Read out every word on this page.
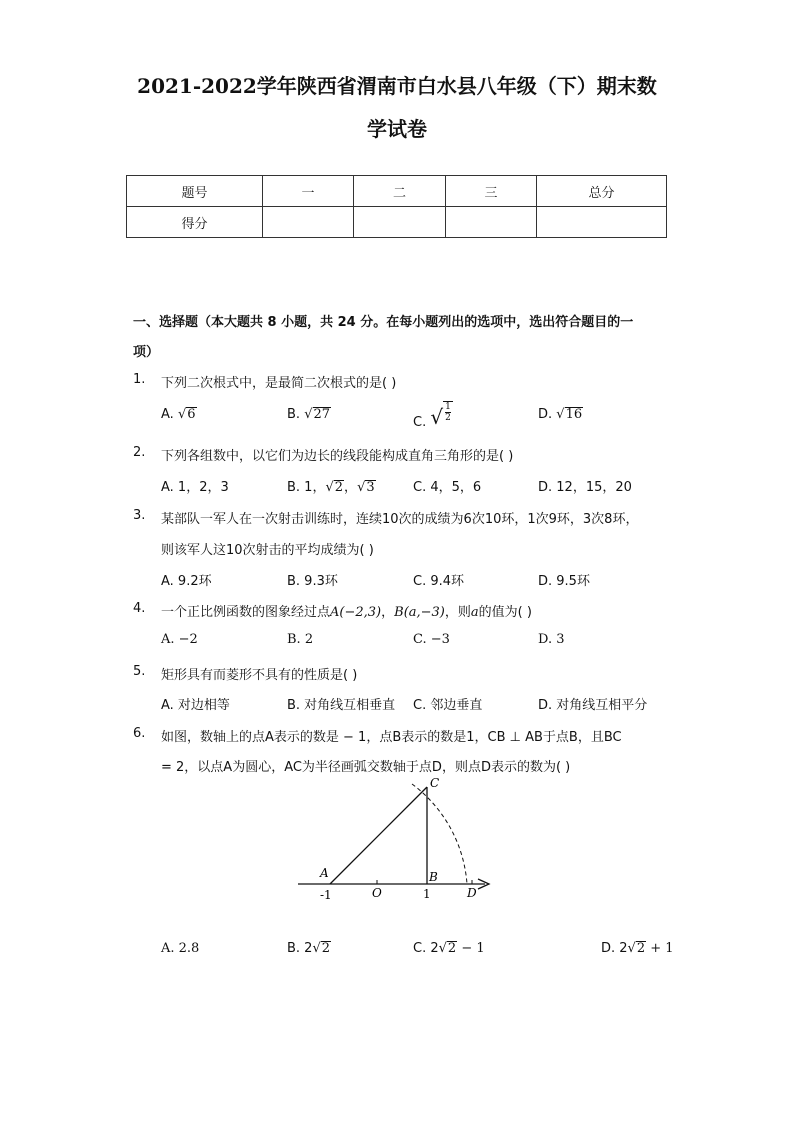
2021-2022学年陕西省渭南市白水县八年级（下）期末数
学试卷
题号	一	二	三	总分
得分				
一、选择题（本大题共 8 小题，共 24 分。在每小题列出的选项中，选出符合题目的一
项）
1.	下列二次根式中，是最简二次根式的是( )
A. √6	B. √27
C. √ $\frac{1}{2}$	D. √16
2.	下列各组数中，以它们为边长的线段能构成直角三角形的是( )
A. 1，2，3	B. 1，√2，√3	C. 4，5，6	D. 12，15，20
3.	某部队一军人在一次射击训练时，连续10次的成绩为6次10环，1次9环，3次8环，
则该军人这10次射击的平均成绩为( )
A. 9.2环	B. 9.3环	C. 9.4环	D. 9.5环
4.	一个正比例函数的图象经过点A(−2,3)，B(a,−3)，则a的值为( )
A. −2	B. 2	C. −3	D. 3
5.	矩形具有而菱形不具有的性质是( )
A. 对边相等	B. 对角线互相垂直 C. 邻边垂直	D. 对角线互相平分
6.	如图，数轴上的点A表示的数是 − 1，点B表示的数是1，CB ⊥ AB于点B，且BC
= 2，以点A为圆心，AC为半径画弧交数轴于点D，则点D表示的数为( )
C
A	B
O	D
-1	1
A. 2.8	B. 2√2	C. 2√2 − 1	D. 2√2 + 1
